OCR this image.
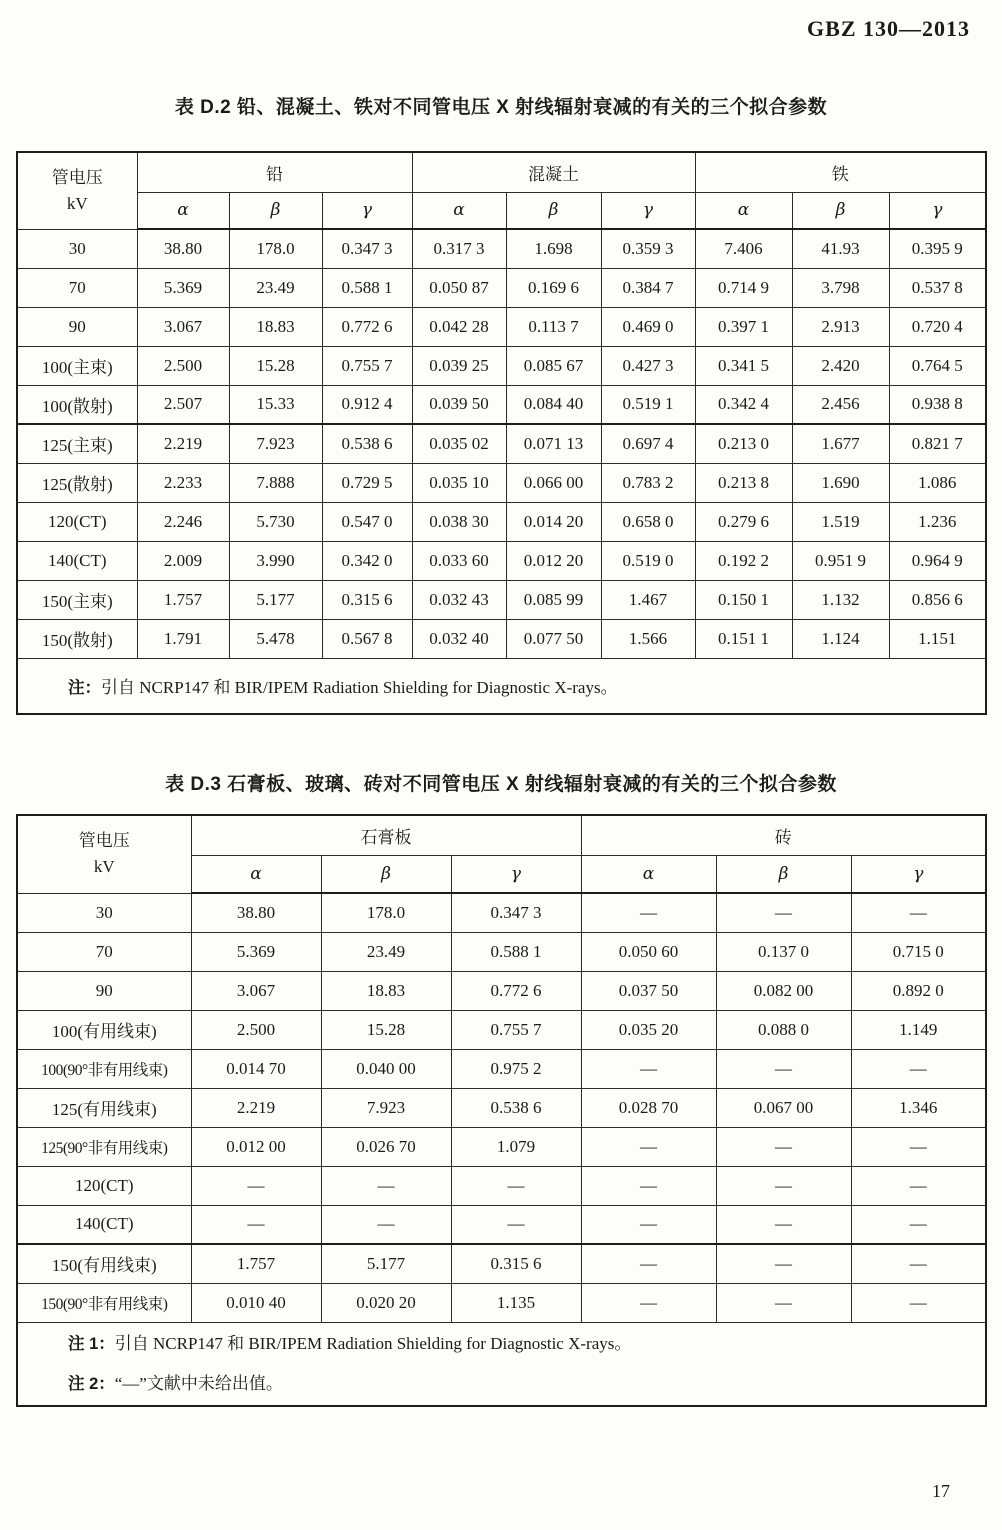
GBZ 130—2013
表 D.2 铅、混凝土、铁对不同管电压 X 射线辐射衰减的有关的三个拟合参数
管电压
kV	铅			混凝土			铁		
	α	β	γ	α	β	γ	α	β	γ
30	38.80	178.0	0.347 3	0.317 3	1.698	0.359 3	7.406	41.93	0.395 9
70	5.369	23.49	0.588 1	0.050 87	0.169 6	0.384 7	0.714 9	3.798	0.537 8
90	3.067	18.83	0.772 6	0.042 28	0.113 7	0.469 0	0.397 1	2.913	0.720 4
100(主束)	2.500	15.28	0.755 7	0.039 25	0.085 67	0.427 3	0.341 5	2.420	0.764 5
100(散射)	2.507	15.33	0.912 4	0.039 50	0.084 40	0.519 1	0.342 4	2.456	0.938 8
125(主束)	2.219	7.923	0.538 6	0.035 02	0.071 13	0.697 4	0.213 0	1.677	0.821 7
125(散射)	2.233	7.888	0.729 5	0.035 10	0.066 00	0.783 2	0.213 8	1.690	1.086
120(CT)	2.246	5.730	0.547 0	0.038 30	0.014 20	0.658 0	0.279 6	1.519	1.236
140(CT)	2.009	3.990	0.342 0	0.033 60	0.012 20	0.519 0	0.192 2	0.951 9	0.964 9
150(主束)	1.757	5.177	0.315 6	0.032 43	0.085 99	1.467	0.150 1	1.132	0.856 6
150(散射)	1.791	5.478	0.567 8	0.032 40	0.077 50	1.566	0.151 1	1.124	1.151
注：引自 NCRP147 和 BIR/IPEM Radiation Shielding for Diagnostic X-rays。									
表 D.3 石膏板、玻璃、砖对不同管电压 X 射线辐射衰减的有关的三个拟合参数
管电压
kV	石膏板			砖		
	α	β	γ	α	β	γ
30	38.80	178.0	0.347 3	—	—	—
70	5.369	23.49	0.588 1	0.050 60	0.137 0	0.715 0
90	3.067	18.83	0.772 6	0.037 50	0.082 00	0.892 0
100(有用线束)	2.500	15.28	0.755 7	0.035 20	0.088 0	1.149
100(90°非有用线束)	0.014 70	0.040 00	0.975 2	—	—	—
125(有用线束)	2.219	7.923	0.538 6	0.028 70	0.067 00	1.346
125(90°非有用线束)	0.012 00	0.026 70	1.079	—	—	—
120(CT)	—	—	—	—	—	—
140(CT)	—	—	—	—	—	—
150(有用线束)	1.757	5.177	0.315 6	—	—	—
150(90°非有用线束)	0.010 40	0.020 20	1.135	—	—	—

注 1：引自 NCRP147 和 BIR/IPEM Radiation Shielding for Diagnostic X-rays。
注 2：“—”文献中未给出值。						
17
